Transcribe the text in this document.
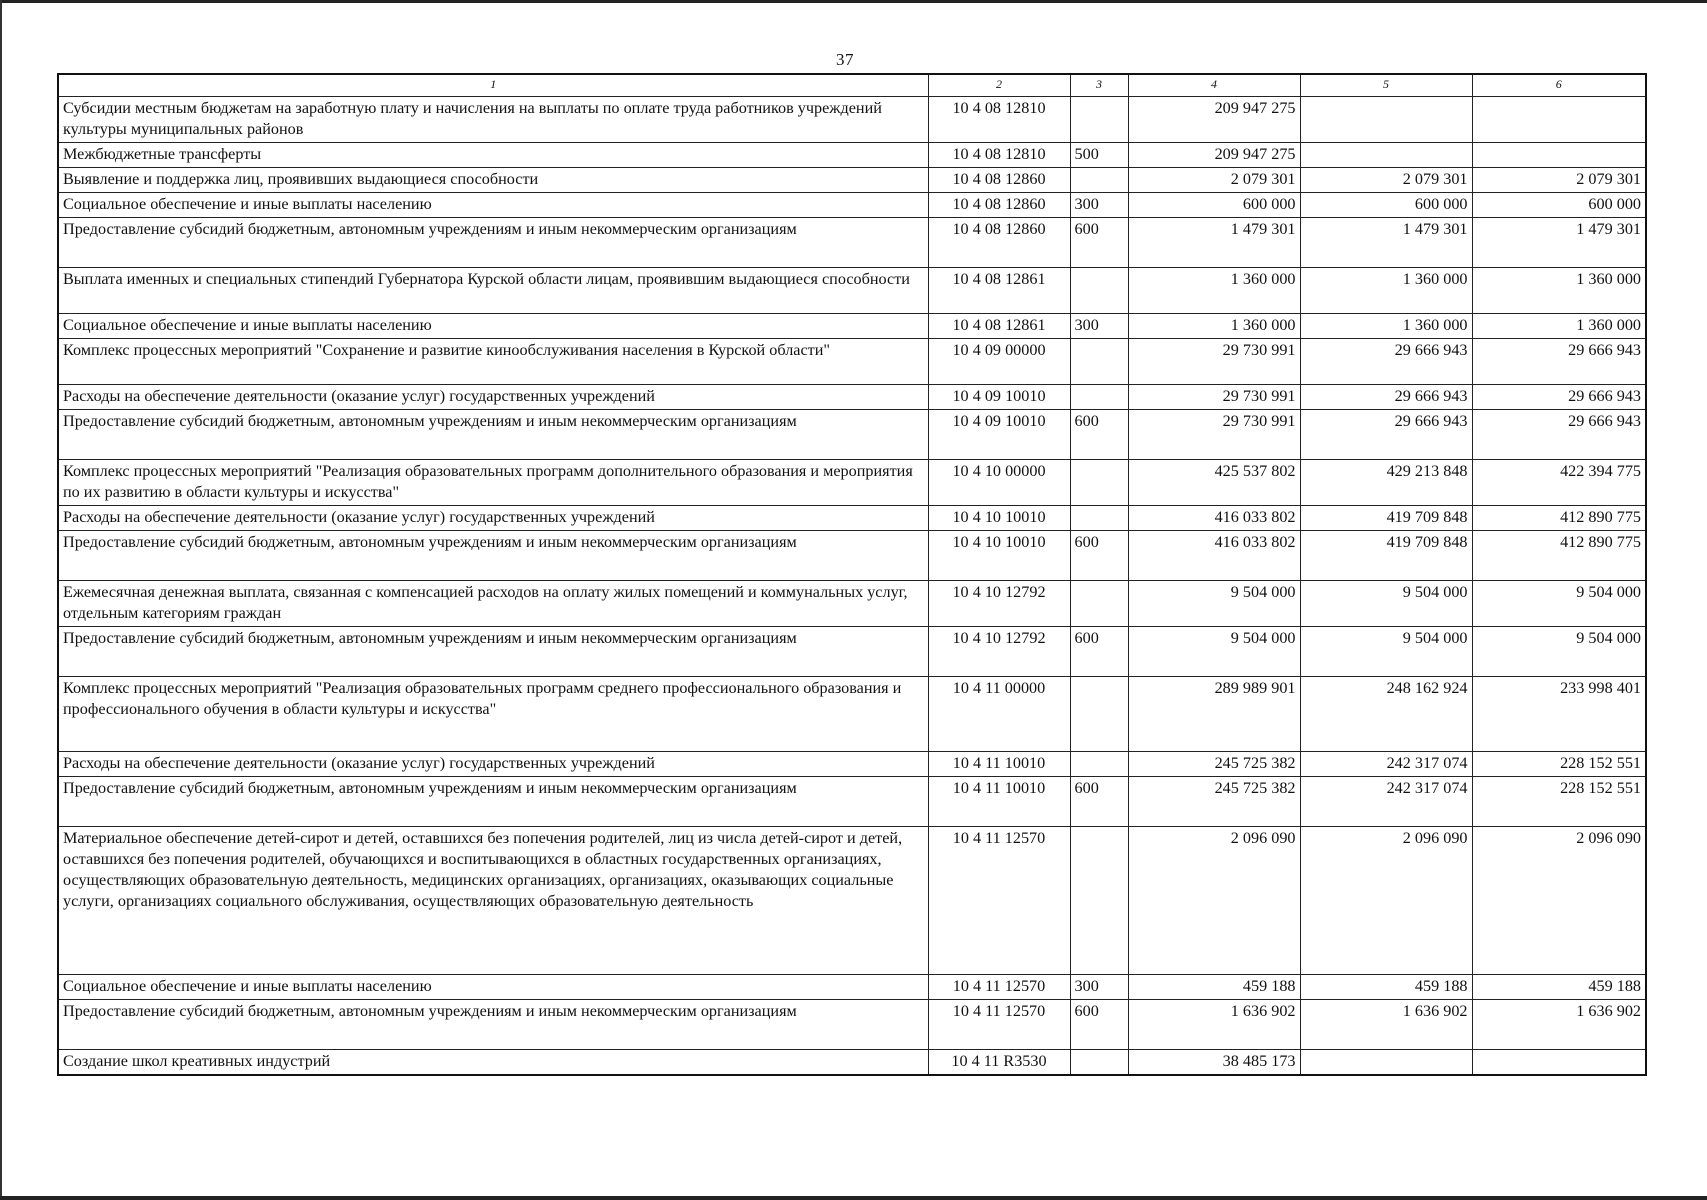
37
1	2	3	4	5	6
Субсидии местным бюджетам на заработную плату и начисления на выплаты по оплате труда работников учреждений культуры муниципальных районов	10 4 08 12810		209 947 275		
Межбюджетные трансферты	10 4 08 12810	500	209 947 275		
Выявление и поддержка лиц, проявивших выдающиеся способности	10 4 08 12860		2 079 301	2 079 301	2 079 301
Социальное обеспечение и иные выплаты населению	10 4 08 12860	300	600 000	600 000	600 000
Предоставление субсидий бюджетным, автономным учреждениям и иным некоммерческим организациям	10 4 08 12860	600	1 479 301	1 479 301	1 479 301
Выплата именных и специальных стипендий Губернатора Курской области лицам, проявившим выдающиеся способности	10 4 08 12861		1 360 000	1 360 000	1 360 000
Социальное обеспечение и иные выплаты населению	10 4 08 12861	300	1 360 000	1 360 000	1 360 000
Комплекс процессных мероприятий "Сохранение и развитие кинообслуживания населения в Курской области"	10 4 09 00000		29 730 991	29 666 943	29 666 943
Расходы на обеспечение деятельности (оказание услуг) государственных учреждений	10 4 09 10010		29 730 991	29 666 943	29 666 943
Предоставление субсидий бюджетным, автономным учреждениям и иным некоммерческим организациям	10 4 09 10010	600	29 730 991	29 666 943	29 666 943
Комплекс процессных мероприятий "Реализация образовательных программ дополнительного образования и мероприятия по их развитию в области культуры и искусства"	10 4 10 00000		425 537 802	429 213 848	422 394 775
Расходы на обеспечение деятельности (оказание услуг) государственных учреждений	10 4 10 10010		416 033 802	419 709 848	412 890 775
Предоставление субсидий бюджетным, автономным учреждениям и иным некоммерческим организациям	10 4 10 10010	600	416 033 802	419 709 848	412 890 775
Ежемесячная денежная выплата, связанная с компенсацией расходов на оплату жилых помещений и коммунальных услуг, отдельным категориям граждан	10 4 10 12792		9 504 000	9 504 000	9 504 000
Предоставление субсидий бюджетным, автономным учреждениям и иным некоммерческим организациям	10 4 10 12792	600	9 504 000	9 504 000	9 504 000
Комплекс процессных мероприятий "Реализация образовательных программ среднего профессионального образования и профессионального обучения в области культуры и искусства"	10 4 11 00000		289 989 901	248 162 924	233 998 401
Расходы на обеспечение деятельности (оказание услуг) государственных учреждений	10 4 11 10010		245 725 382	242 317 074	228 152 551
Предоставление субсидий бюджетным, автономным учреждениям и иным некоммерческим организациям	10 4 11 10010	600	245 725 382	242 317 074	228 152 551
Материальное обеспечение детей-сирот и детей, оставшихся без попечения родителей, лиц из числа детей-сирот и детей, оставшихся без попечения родителей, обучающихся и воспитывающихся в областных государственных организациях, осуществляющих образовательную деятельность, медицинских организациях, организациях, оказывающих социальные услуги, организациях социального обслуживания, осуществляющих образовательную деятельность	10 4 11 12570		2 096 090	2 096 090	2 096 090
Социальное обеспечение и иные выплаты населению	10 4 11 12570	300	459 188	459 188	459 188
Предоставление субсидий бюджетным, автономным учреждениям и иным некоммерческим организациям	10 4 11 12570	600	1 636 902	1 636 902	1 636 902
Создание школ креативных индустрий	10 4 11 R3530		38 485 173		
